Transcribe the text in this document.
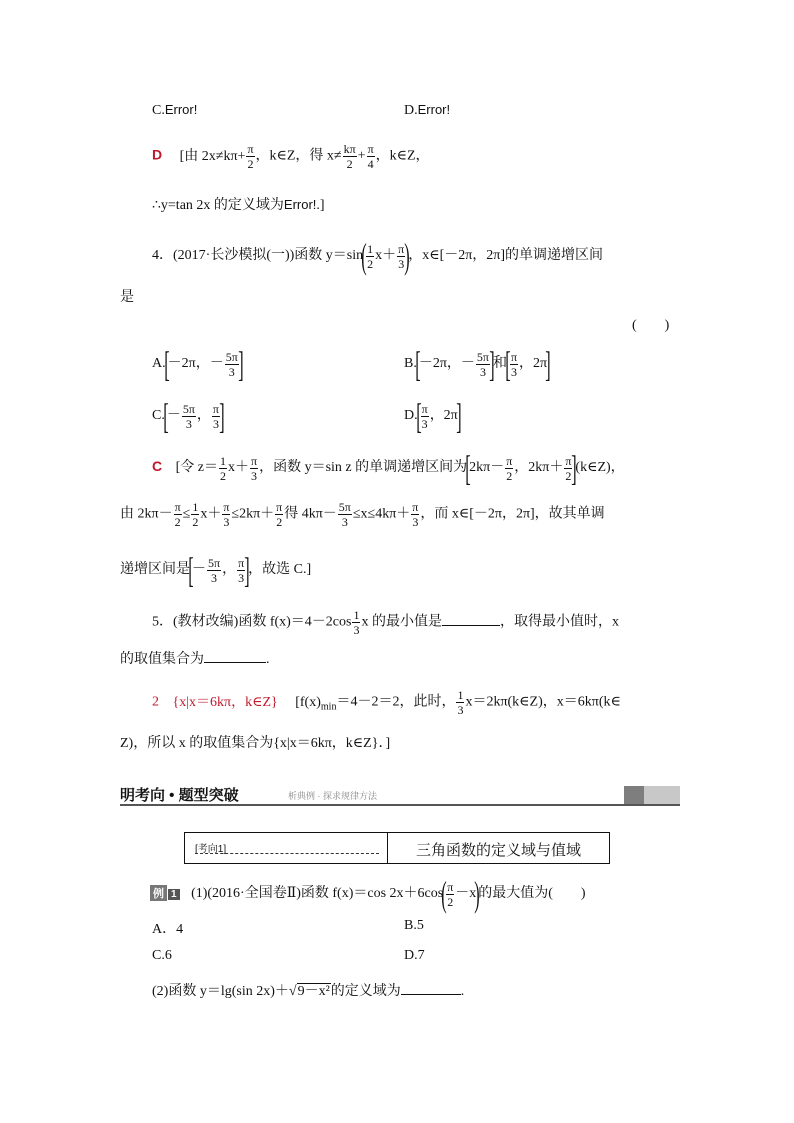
C.Error!	D.Error!
D [由 $2x\ne k\pi+ \frac{\pi}{2}$ ，k∈Z，得 $x\ne \frac{k\pi}{2} + \frac{\pi}{4}$ ，k∈Z，
∴y=tan 2x 的定义域为Error!.]
4．(2017·长沙模拟(一))函数 $y=\sin( \frac{1}{2} x+ \frac{\pi}{3}$ )，x∈[－2π，2π]的单调递增区间
是
(　　)
A.[－2π，－ $\frac{5\pi}{3}$ ]	B.[－2π，－ $\frac{5\pi}{3}$ ]和[ $\frac{\pi}{3}$ ，2π]
$C.[- \frac{5\pi}{3}$ ， $\frac{\pi}{3}$ ]	$D.[ \frac{\pi}{3}$ ，2π]
C [令 $z= \frac{1}{2} x+ \frac{\pi}{3}$ ，函数 y＝sin z 的单调递增区间为[$2k\pi- \frac{\pi}{2}$ ，$2k\pi+ \frac{\pi}{2}$ ](k∈Z)，
由 $2k\pi- \frac{\pi}{2} \le \frac{1}{2} x+ \frac{\pi}{3} \le 2k\pi+ \frac{\pi}{2}$ 得 $4k\pi- \frac{5\pi}{3} \le x\le 4k\pi+ \frac{\pi}{3}$ ，而 x∈[－2π，2π]，故其单调
递增区间是[－ $\frac{5\pi}{3}$ ， $\frac{\pi}{3}$ ]，故选 C.]
5．(教材改编)函数 $f(x)=4-2\cos \frac{1}{3}$ x 的最小值是	，取得最小值时，x
的取值集合为	.
2 {x|x＝6kπ，k∈Z} [$f(x)_{min}=4-2=2$，此时， $\frac{1}{3}$ x＝2kπ(k∈Z)，x＝6kπ(k∈
Z)，所以 x 的取值集合为{x|x＝6kπ，k∈Z}．]
明考向 • 题型突破	析典例 · 探求规律方法
[考向1]	三角函数的定义域与值域
例 1 (1)(2016·全国卷Ⅱ)函数 f(x)＝cos $2x+6\cos( \frac{\pi}{2} -x)$的最大值为(　　)
A．4	B.5
C.6	D.7
(2)函数 y＝lg(sin 2x)＋√9－x²的定义域为	.
